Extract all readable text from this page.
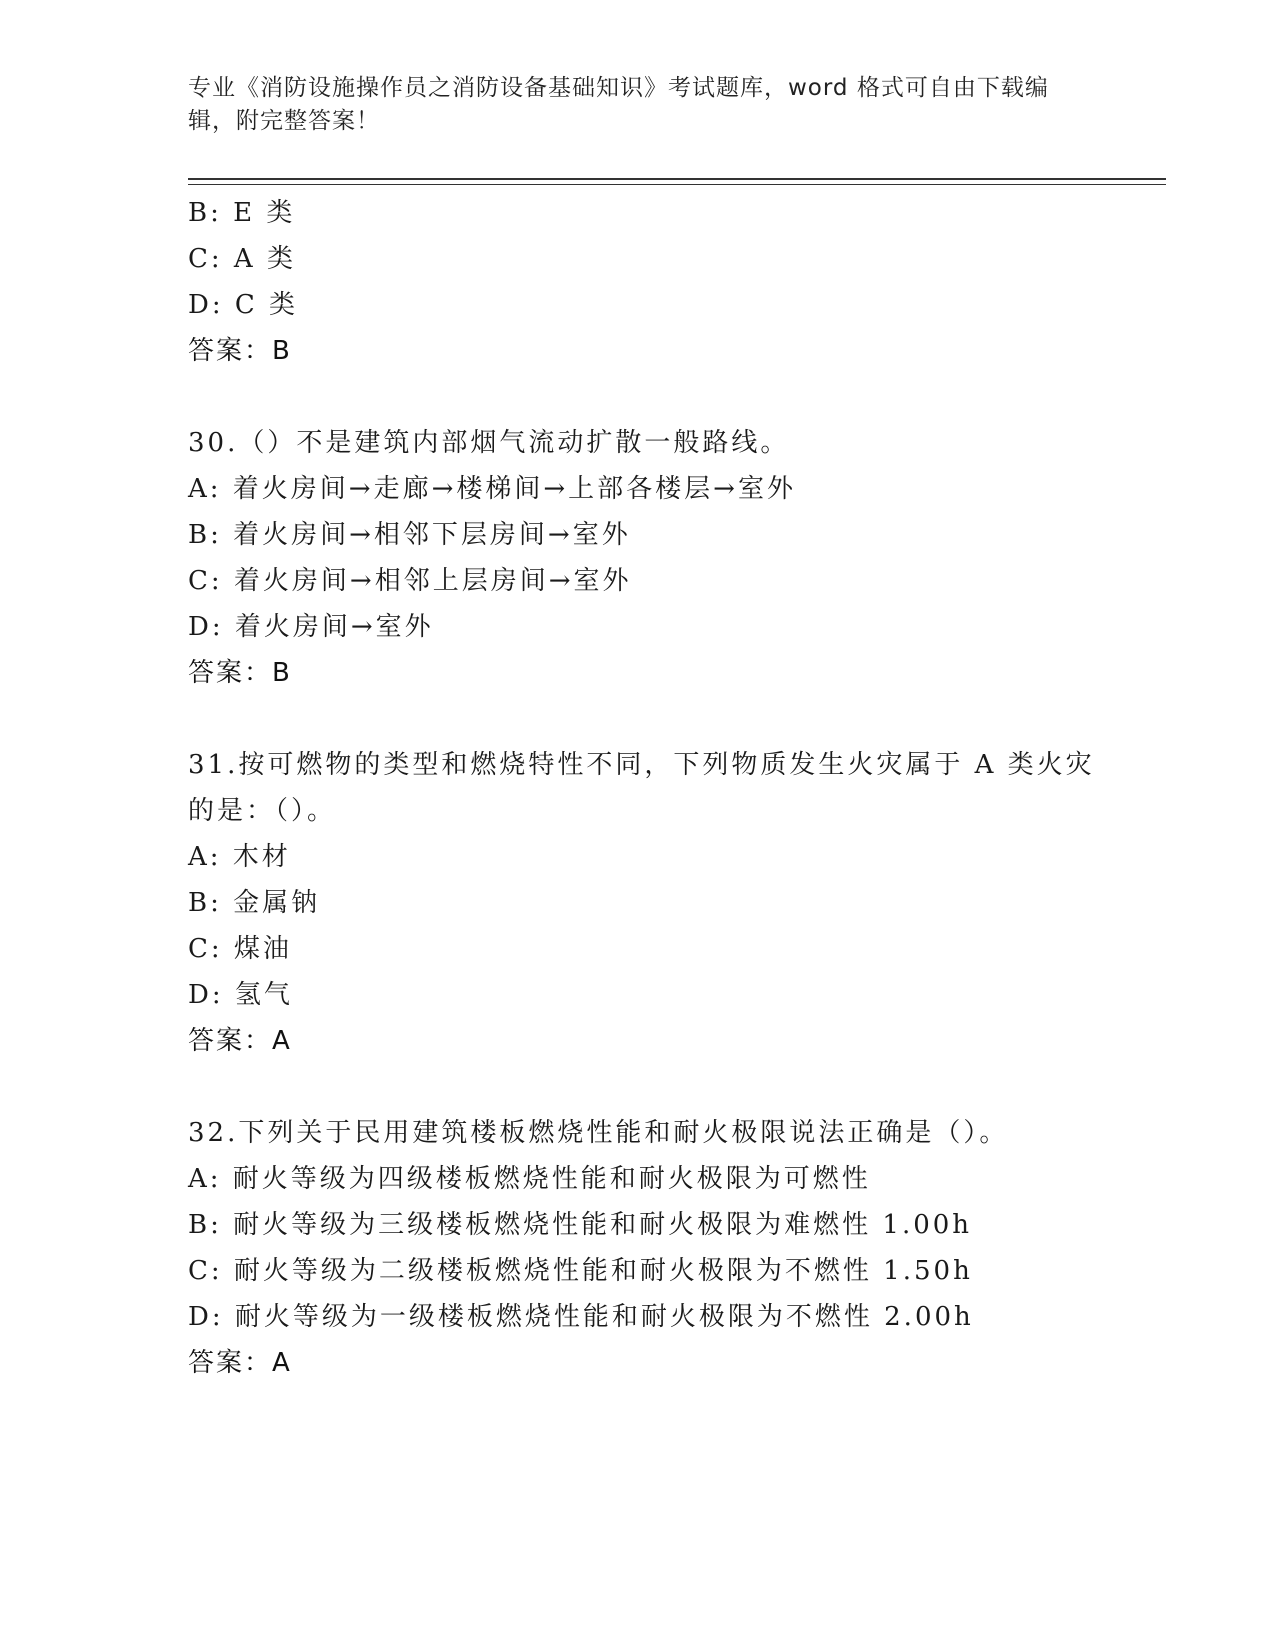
专业《消防设施操作员之消防设备基础知识》考试题库，word 格式可自由下载编
辑，附完整答案！
B: E 类
C: A 类
D: C 类
答案：B
30.（）不是建筑内部烟气流动扩散一般路线。
A: 着火房间→走廊→楼梯间→上部各楼层→室外
B: 着火房间→相邻下层房间→室外
C: 着火房间→相邻上层房间→室外
D: 着火房间→室外
答案：B
31.按可燃物的类型和燃烧特性不同，下列物质发生火灾属于 A 类火灾
的是：（）。
A: 木材
B: 金属钠
C: 煤油
D: 氢气
答案：A
32.下列关于民用建筑楼板燃烧性能和耐火极限说法正确是（）。
A: 耐火等级为四级楼板燃烧性能和耐火极限为可燃性
B: 耐火等级为三级楼板燃烧性能和耐火极限为难燃性 1.00h
C: 耐火等级为二级楼板燃烧性能和耐火极限为不燃性 1.50h
D: 耐火等级为一级楼板燃烧性能和耐火极限为不燃性 2.00h
答案：A
